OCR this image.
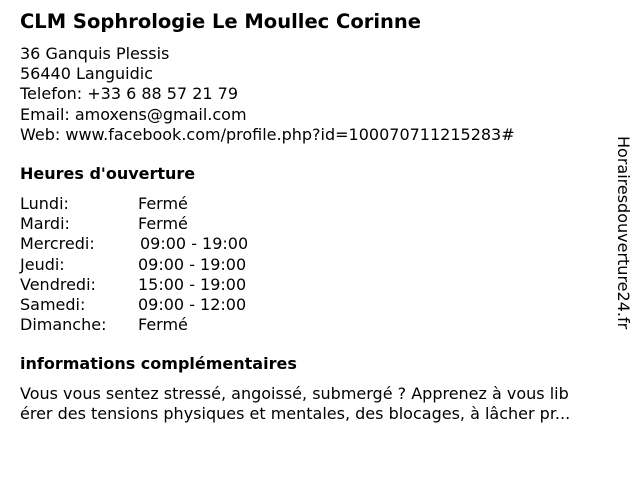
CLM Sophrologie Le Moullec Corinne
36 Ganquis Plessis
56440 Languidic
Telefon: +33 6 88 57 21 79
Email: amoxens@gmail.com
Web: www.facebook.com/profile.php?id=100070711215283#
Heures d'ouverture
Lundi:	Fermé
Mardi:	Fermé
Mercredi:	09:00 - 19:00
Jeudi:	09:00 - 19:00
Vendredi:	15:00 - 19:00
Samedi:	09:00 - 12:00
Dimanche: Fermé
informations complémentaires
Vous vous sentez stressé, angoissé, submergé ? Apprenez à vous lib
érer des tensions physiques et mentales, des blocages, à lâcher pr...
Horairesdouverture24.fr
